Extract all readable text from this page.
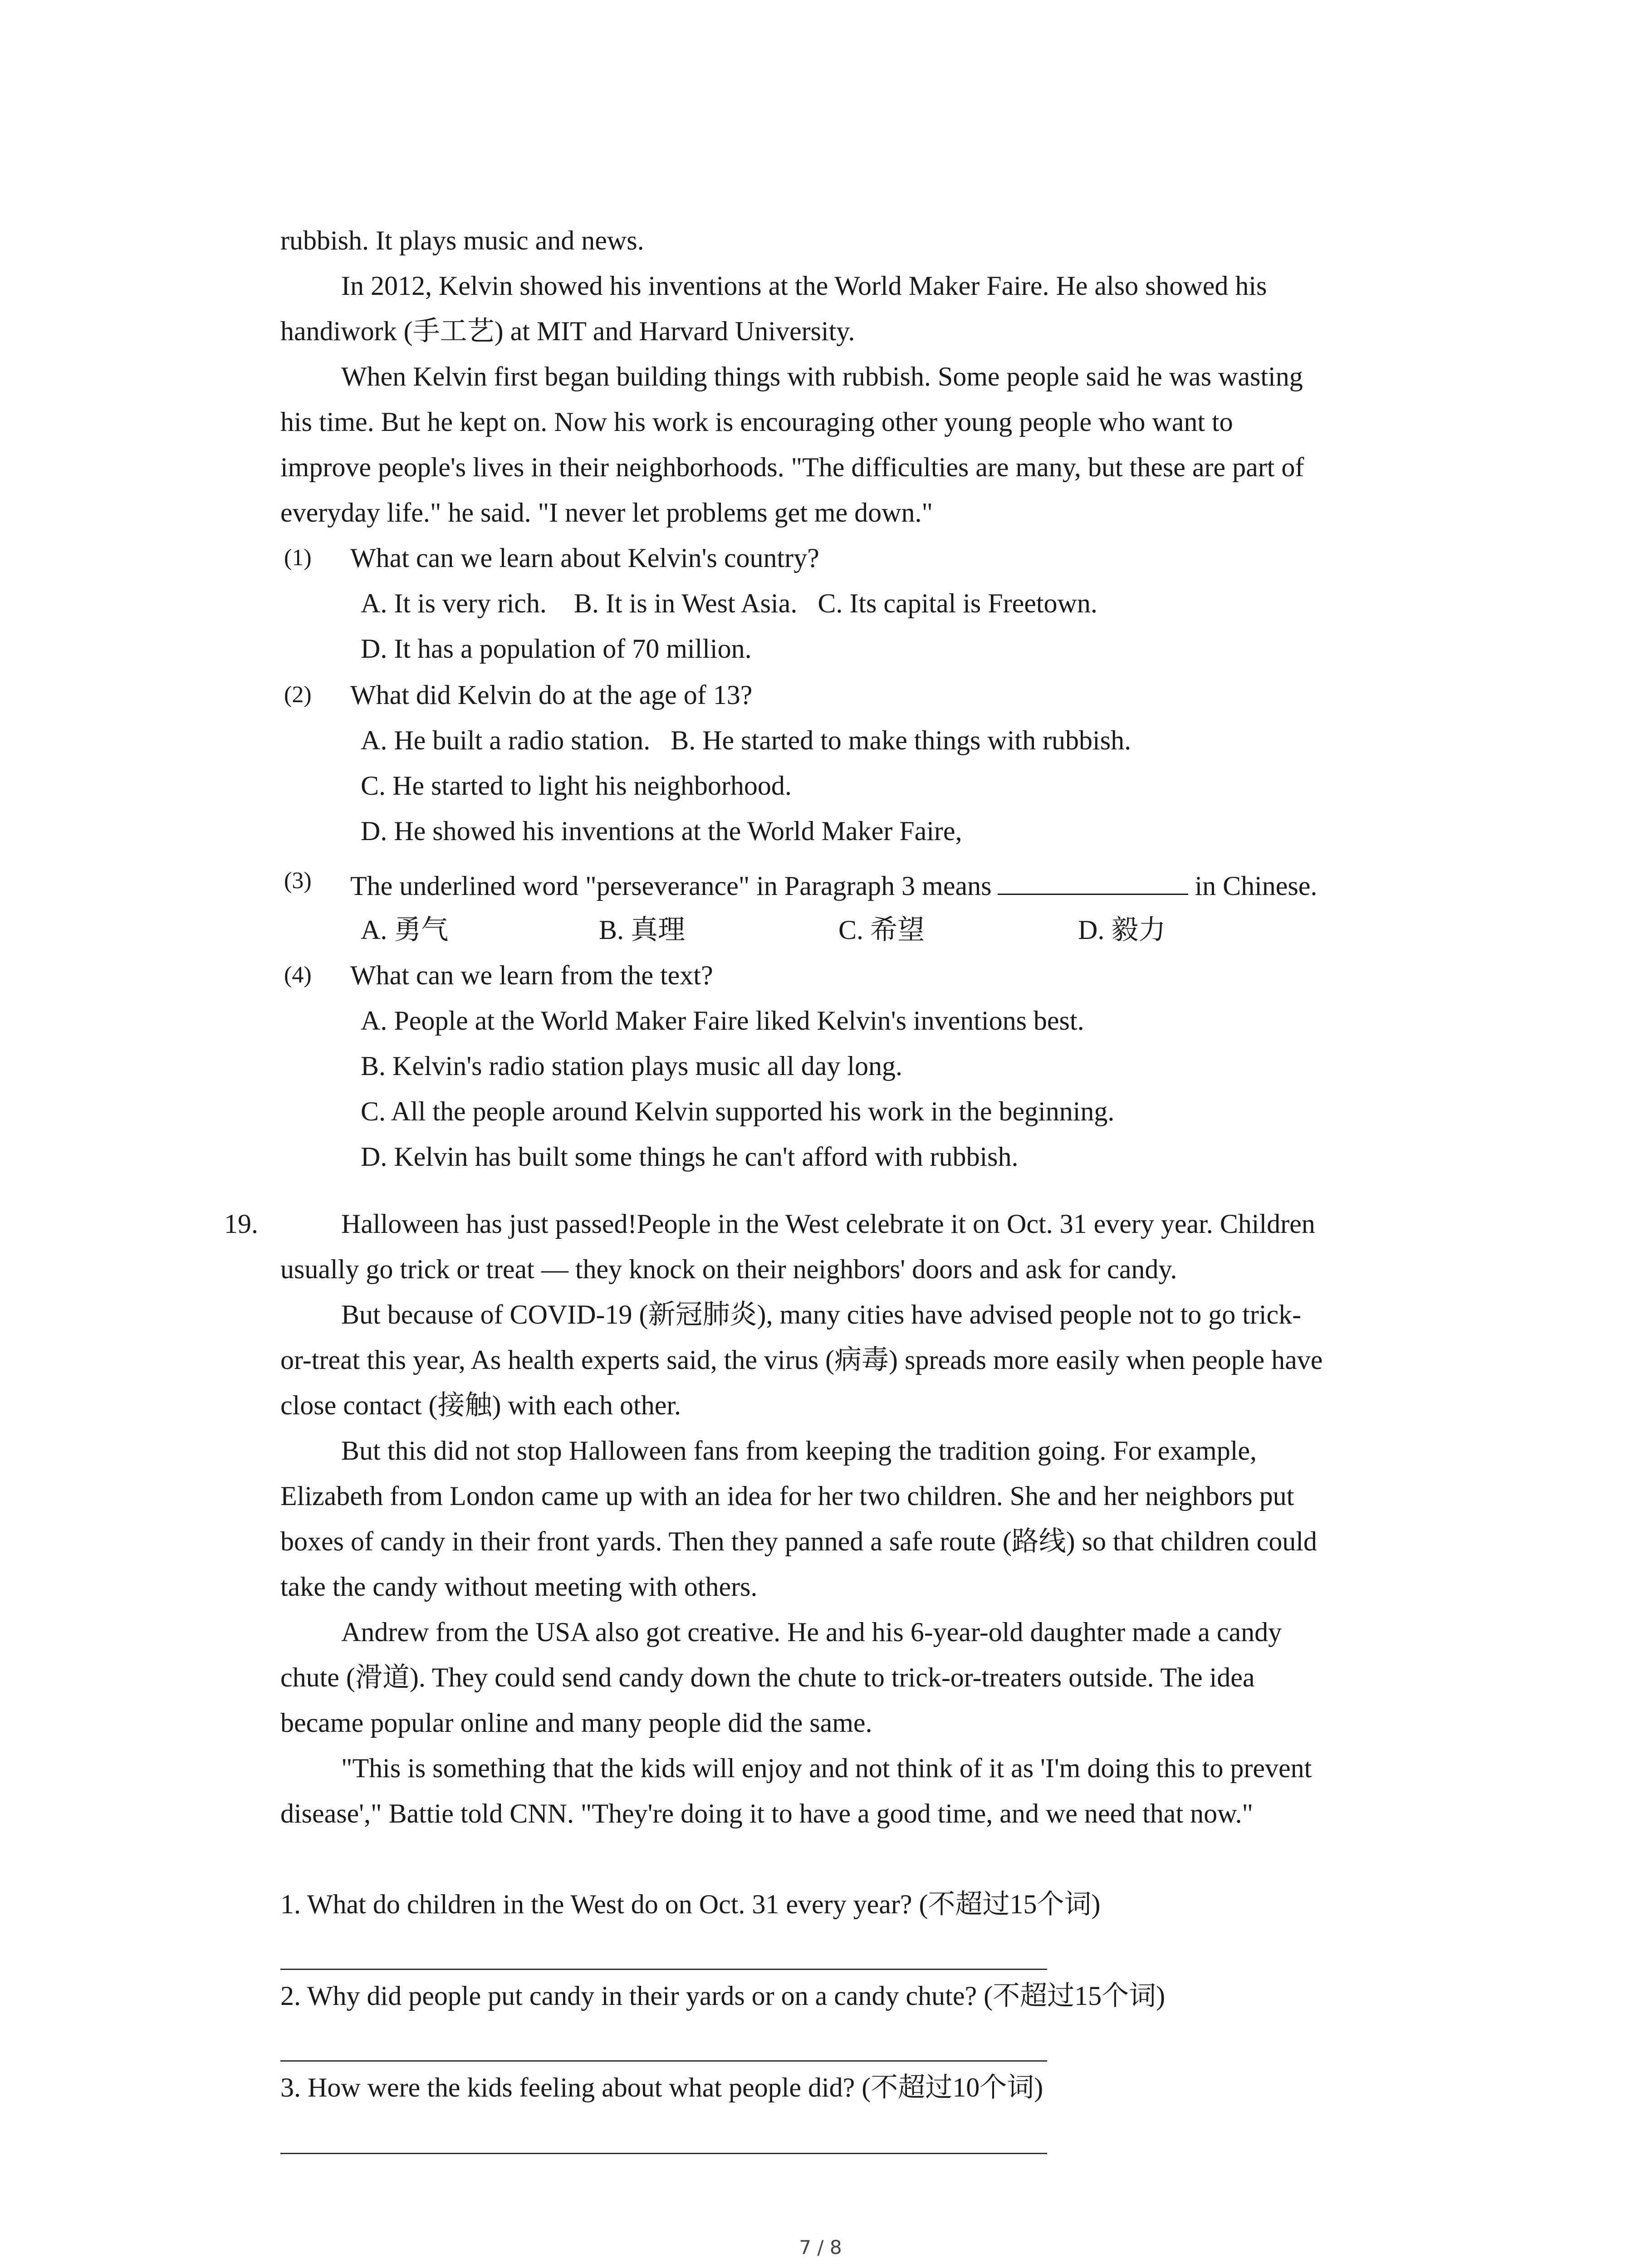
rubbish. It plays music and news.
In 2012, Kelvin showed his inventions at the World Maker Faire. He also showed his
handiwork (手工艺) at MIT and Harvard University.
When Kelvin first began building things with rubbish. Some people said he was wasting
his time. But he kept on. Now his work is encouraging other young people who want to
improve people's lives in their neighborhoods. "The difficulties are many, but these are part of
everyday life." he said. "I never let problems get me down."
(1) What can we learn about Kelvin's country?
A. It is very rich.    B. It is in West Asia.   C. Its capital is Freetown.
D. It has a population of 70 million.
(2) What did Kelvin do at the age of 13?
A. He built a radio station.   B. He started to make things with rubbish.
C. He started to light his neighborhood.
D. He showed his inventions at the World Maker Faire,
(3) The underlined word "perseverance" in Paragraph 3 means	in Chinese.
A. 勇气	B. 真理	C. 希望	D. 毅力
(4) What can we learn from the text?
A. People at the World Maker Faire liked Kelvin's inventions best.
B. Kelvin's radio station plays music all day long.
C. All the people around Kelvin supported his work in the beginning.
D. Kelvin has built some things he can't afford with rubbish.
19.	Halloween has just passed!People in the West celebrate it on Oct. 31 every year. Children
usually go trick or treat — they knock on their neighbors' doors and ask for candy.
But because of COVID-19 (新冠肺炎), many cities have advised people not to go trick-
or-treat this year, As health experts said, the virus (病毒) spreads more easily when people have
close contact (接触) with each other.
But this did not stop Halloween fans from keeping the tradition going. For example,
Elizabeth from London came up with an idea for her two children. She and her neighbors put
boxes of candy in their front yards. Then they panned a safe route (路线) so that children could
take the candy without meeting with others.
Andrew from the USA also got creative. He and his 6-year-old daughter made a candy
chute (滑道). They could send candy down the chute to trick-or-treaters outside. The idea
became popular online and many people did the same.
"This is something that the kids will enjoy and not think of it as 'I'm doing this to prevent
disease'," Battie told CNN. "They're doing it to have a good time, and we need that now."
1. What do children in the West do on Oct. 31 every year? (不超过15个词)
2. Why did people put candy in their yards or on a candy chute? (不超过15个词)
3. How were the kids feeling about what people did? (不超过10个词)
7 / 8
